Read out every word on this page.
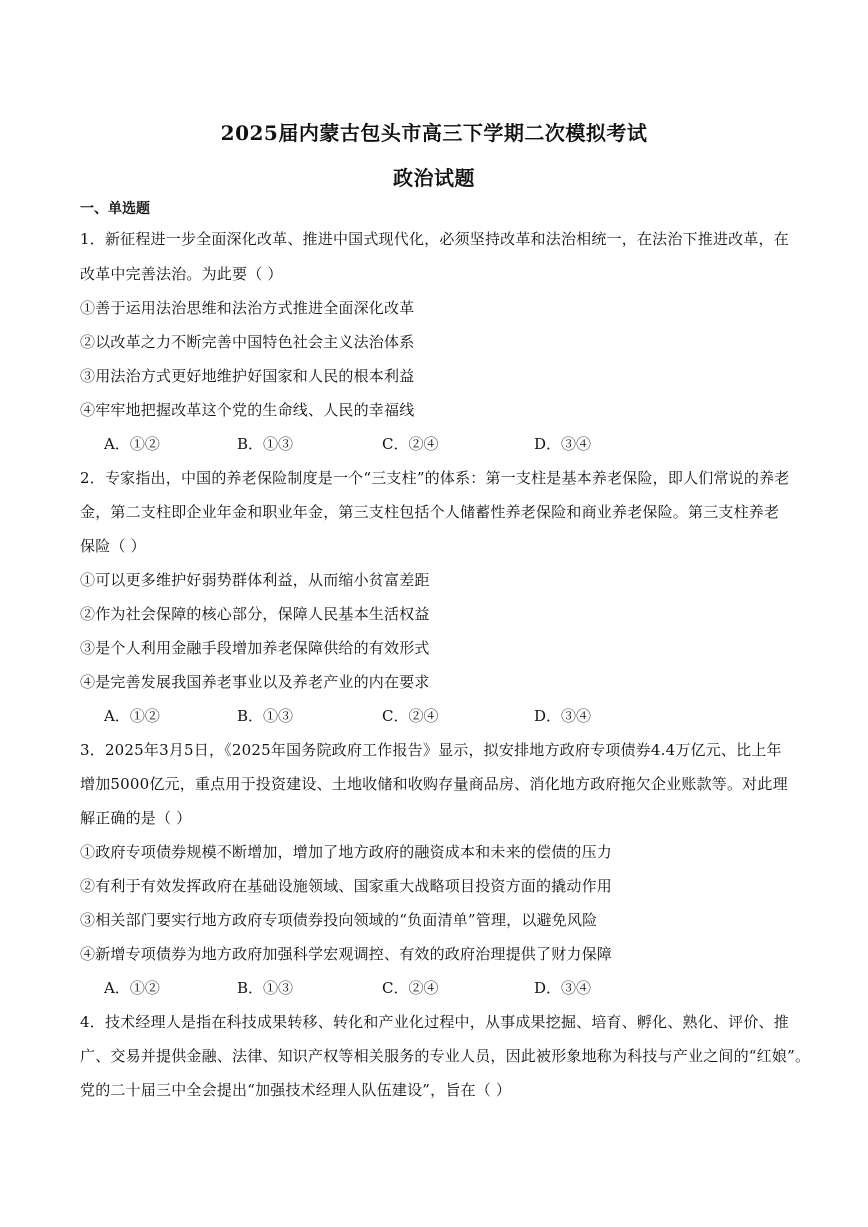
2025届内蒙古包头市高三下学期二次模拟考试
政治试题
一、单选题
1．新征程进一步全面深化改革、推进中国式现代化，必须坚持改革和法治相统一，在法治下推进改革，在
改革中完善法治。为此要（ ）
①善于运用法治思维和法治方式推进全面深化改革
②以改革之力不断完善中国特色社会主义法治体系
③用法治方式更好地维护好国家和人民的根本利益
④牢牢地把握改革这个党的生命线、人民的幸福线
A．①②	B．①③	C．②④	D．③④
2．专家指出，中国的养老保险制度是一个“三支柱”的体系：第一支柱是基本养老保险，即人们常说的养老
金，第二支柱即企业年金和职业年金，第三支柱包括个人储蓄性养老保险和商业养老保险。第三支柱养老
保险（ ）
①可以更多维护好弱势群体利益，从而缩小贫富差距
②作为社会保障的核心部分，保障人民基本生活权益
③是个人利用金融手段增加养老保障供给的有效形式
④是完善发展我国养老事业以及养老产业的内在要求
A．①②	B．①③	C．②④	D．③④
3．2025年3月5日，《2025年国务院政府工作报告》显示，拟安排地方政府专项债券4.4万亿元、比上年
增加5000亿元，重点用于投资建设、土地收储和收购存量商品房、消化地方政府拖欠企业账款等。对此理
解正确的是（ ）
①政府专项债券规模不断增加，增加了地方政府的融资成本和未来的偿债的压力
②有利于有效发挥政府在基础设施领域、国家重大战略项目投资方面的撬动作用
③相关部门要实行地方政府专项债券投向领域的“负面清单”管理，以避免风险
④新增专项债券为地方政府加强科学宏观调控、有效的政府治理提供了财力保障
A．①②	B．①③	C．②④	D．③④
4．技术经理人是指在科技成果转移、转化和产业化过程中，从事成果挖掘、培育、孵化、熟化、评价、推
广、交易并提供金融、法律、知识产权等相关服务的专业人员，因此被形象地称为科技与产业之间的“红娘”。
党的二十届三中全会提出“加强技术经理人队伍建设”，旨在（ ）
